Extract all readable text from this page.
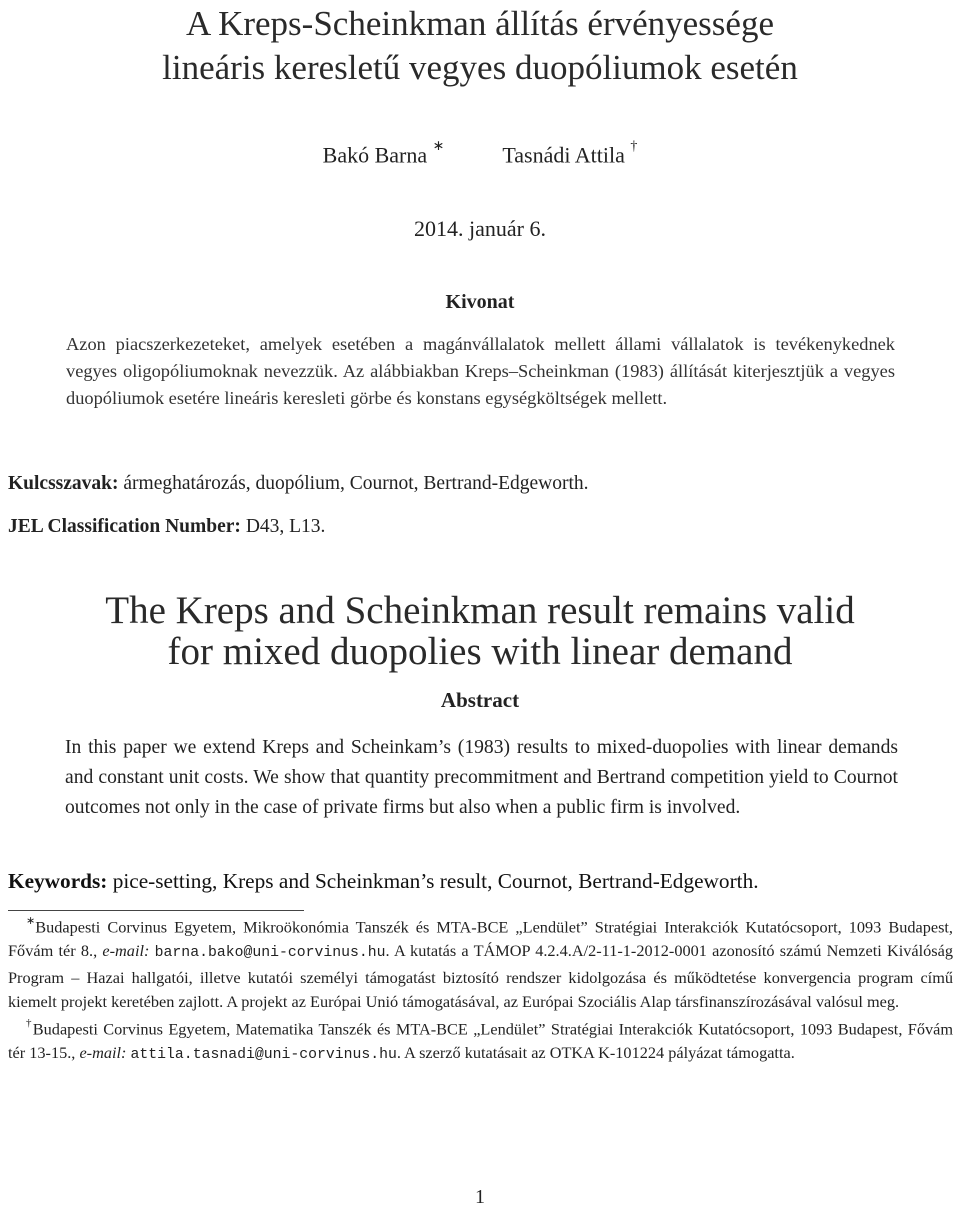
A Kreps-Scheinkman állítás érvényessége
lineáris keresletű vegyes duopóliumok esetén
Bakó Barna ∗	Tasnádi Attila †
2014. január 6.
Kivonat
Azon piacszerkezeteket, amelyek esetében a magánvállalatok mellett állami vállalatok is tevékenykednek vegyes oligopóliumoknak nevezzük. Az alábbiakban Kreps–Scheinkman (1983) állítását kiterjesztjük a vegyes duopóliumok esetére lineáris keresleti görbe és konstans egységköltségek mellett.
Kulcsszavak: ármeghatározás, duopólium, Cournot, Bertrand-Edgeworth.
JEL Classification Number: D43, L13.
The Kreps and Scheinkman result remains valid
for mixed duopolies with linear demand
Abstract
In this paper we extend Kreps and Scheinkam’s (1983) results to mixed-duopolies with linear demands and constant unit costs. We show that quantity precommitment and Bertrand competition yield to Cournot outcomes not only in the case of private firms but also when a public firm is involved.
Keywords: pice-setting, Kreps and Scheinkman’s result, Cournot, Bertrand-Edgeworth.

∗Budapesti Corvinus Egyetem, Mikroökonómia Tanszék és MTA-BCE „Lendület” Stratégiai Interakciók Kutatócsoport, 1093 Budapest, Fővám tér 8., e-mail: barna.bako@uni-corvinus.hu. A kutatás a TÁMOP 4.2.4.A/2-11-1-2012-0001 azonosító számú Nemzeti Kiválóság Program – Hazai hallgatói, illetve kutatói személyi támogatást biztosító rendszer kidolgozása és működtetése konvergencia program című kiemelt projekt keretében zajlott. A projekt az Európai Unió támogatásával, az Európai Szociális Alap társfinanszírozásával valósul meg.

†Budapesti Corvinus Egyetem, Matematika Tanszék és MTA-BCE „Lendület” Stratégiai Interakciók Kutatócsoport, 1093 Budapest, Fővám tér 13-15., e-mail: attila.tasnadi@uni-corvinus.hu. A szerző kutatásait az OTKA K-101224 pályázat támogatta.

1
